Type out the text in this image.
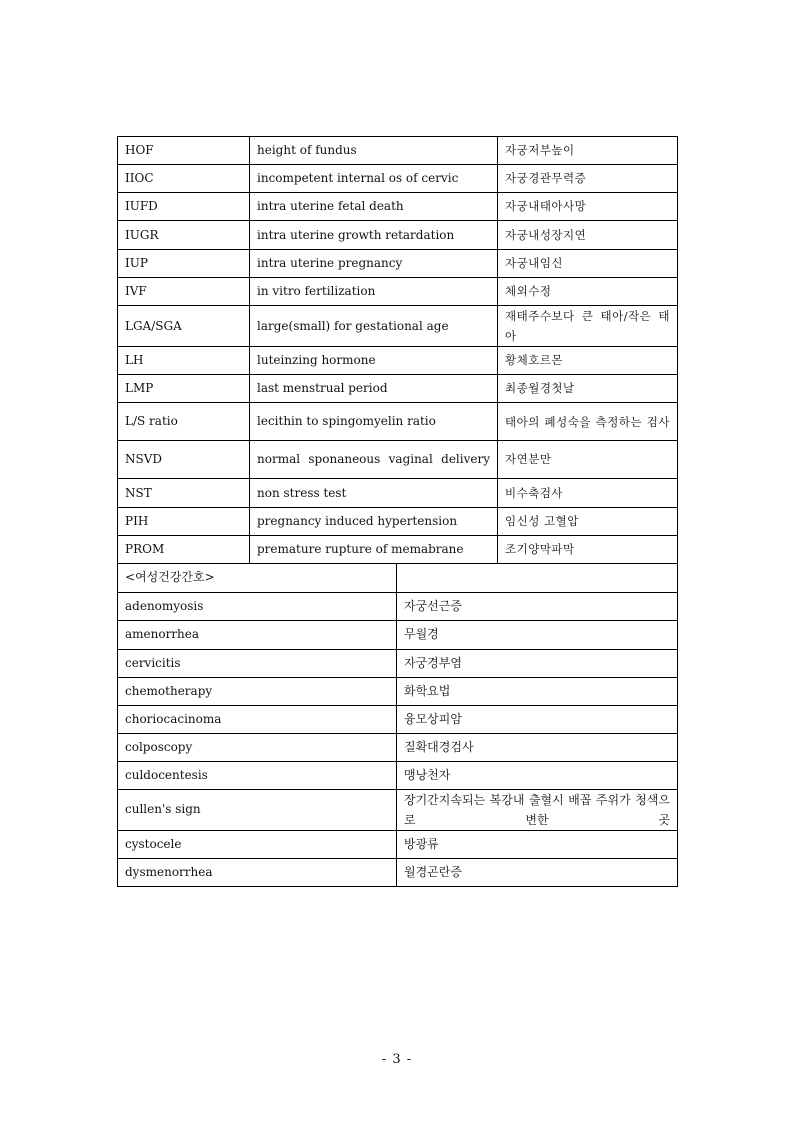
HOF	height of fundus	자궁저부높이
IIOC	incompetent internal os of cervic	자궁경관무력증
IUFD	intra uterine fetal death	자궁내태아사망
IUGR	intra uterine growth retardation	자궁내성장지연
IUP	intra uterine pregnancy	자궁내임신
IVF	in vitro fertilization	체외수정
LGA/SGA	large(small) for gestational age	재태주수보다 큰 태아/작은 태아
LH	luteinzing hormone	황체호르몬
LMP	last menstrual period	최종월경첫날
L/S ratio	lecithin to spingomyelin ratio	태아의 폐성숙을 측정하는 검사
NSVD	normal sponaneous vaginal delivery	자연분만
NST	non stress test	비수축검사
PIH	pregnancy induced hypertension	임신성 고혈압
PROM	premature rupture of memabrane	조기양막파막
<여성건강간호>	
adenomyosis	자궁선근증
amenorrhea	무월경
cervicitis	자궁경부염
chemotherapy	화학요법
choriocacinoma	융모상피암
colposcopy	질확대경검사
culdocentesis	맹낭천자
cullen's sign	장기간지속되는 복강내 출혈시 배꼽 주위가 청색으로 변한 곳
cystocele	방광류
dysmenorrhea	월경곤란증
- 3 -
